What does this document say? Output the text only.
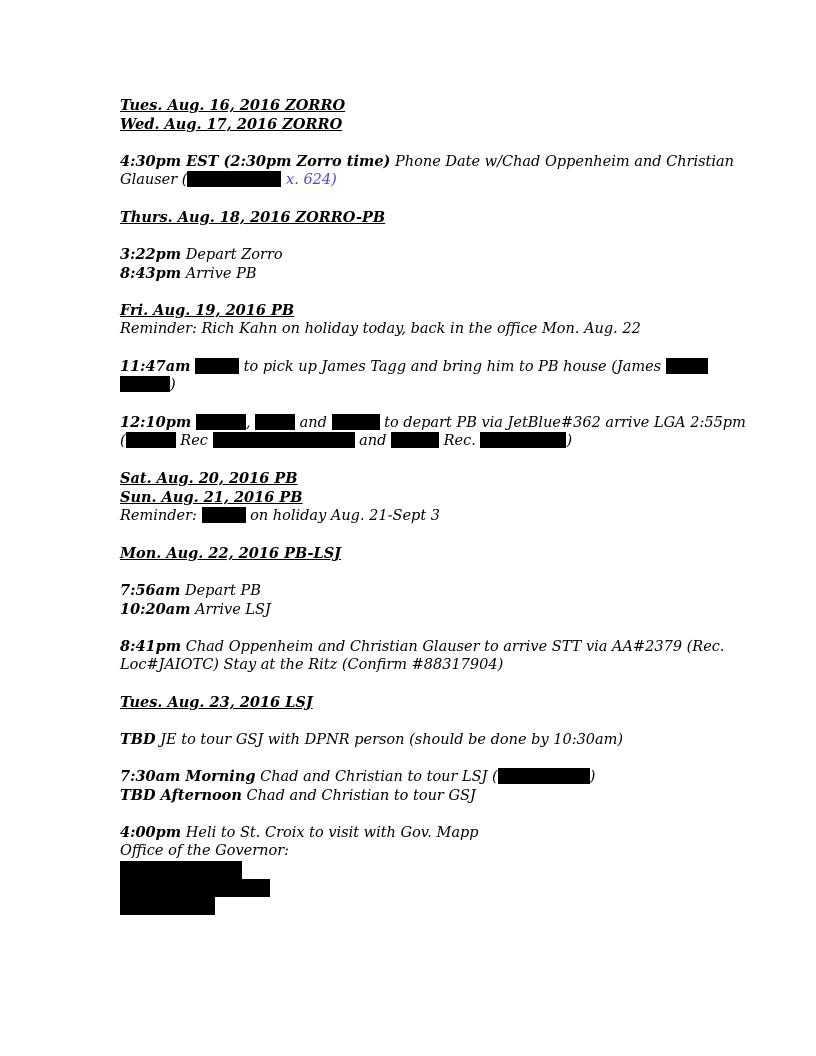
Tues. Aug. 16, 2016 ZORRO
Wed. Aug. 17, 2016 ZORRO
4:30pm EST (2:30pm Zorro time) Phone Date w/Chad Oppenheim and Christian
Glauser (	x. 624)
Thurs. Aug. 18, 2016 ZORRO-PB
3:22pm Depart Zorro
8:43pm Arrive PB
Fri. Aug. 19, 2016 PB
Reminder: Rich Kahn on holiday today, back in the office Mon. Aug. 22
11:47am	to pick up James Tagg and bring him to PB house (James
)
12:10pm	,	and	to depart PB via JetBlue#362 arrive LGA 2:55pm
(	Rec	and	Rec.	)
Sat. Aug. 20, 2016 PB
Sun. Aug. 21, 2016 PB
Reminder:	on holiday Aug. 21-Sept 3
Mon. Aug. 22, 2016 PB-LSJ
7:56am Depart PB
10:20am Arrive LSJ
8:41pm Chad Oppenheim and Christian Glauser to arrive STT via AA#2379 (Rec.
Loc#JAIOTC) Stay at the Ritz (Confirm #88317904)
Tues. Aug. 23, 2016 LSJ
TBD JE to tour GSJ with DPNR person (should be done by 10:30am)
7:30am Morning Chad and Christian to tour LSJ (	)
TBD Afternoon Chad and Christian to tour GSJ
4:00pm Heli to St. Croix to visit with Gov. Mapp
Office of the Governor:
